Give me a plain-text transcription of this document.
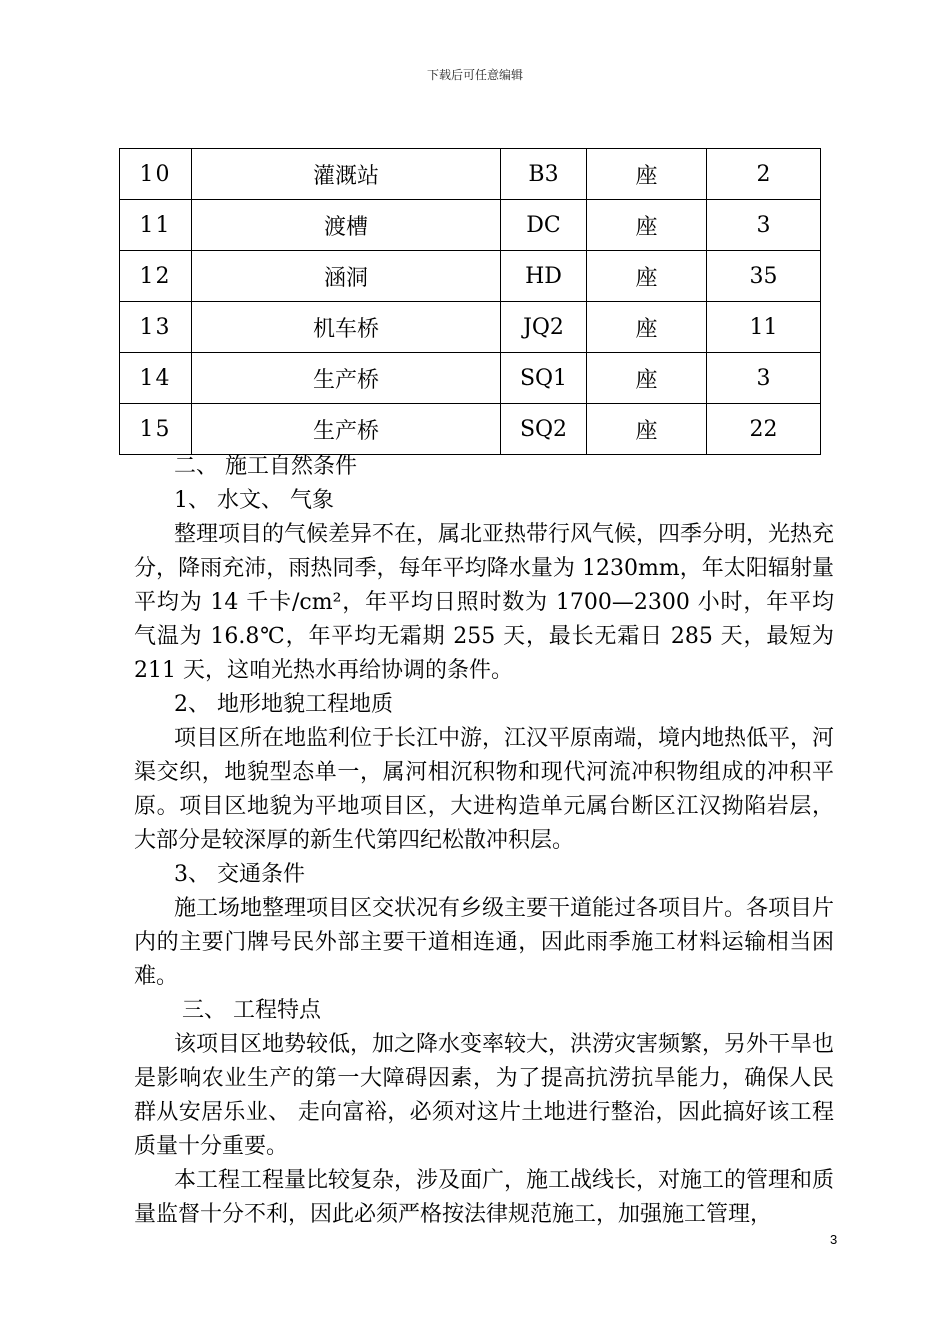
下载后可任意编辑
10	灌溉站	B3	座	2
11	渡槽	DC	座	3
12	涵洞	HD	座	35
13	机车桥	JQ2	座	11
14	生产桥	SQ1	座	3
15	生产桥	SQ2	座	22

二、 施工自然条件

1、 水文、 气象

整理项目的气候差异不在，属北亚热带行风气候，四季分明，光热充分，降雨充沛，雨热同季，每年平均降水量为 1230mm，年太阳辐射量平均为 14 千卡/cm²，年平均日照时数为 1700—2300 小时，年平均气温为 16.8℃，年平均无霜期 255 天，最长无霜日 285 天，最短为 211 天，这咱光热水再给协调的条件。

2、 地形地貌工程地质

项目区所在地监利位于长江中游，江汉平原南端，境内地热低平，河渠交织，地貌型态单一，属河相沉积物和现代河流冲积物组成的冲积平原。项目区地貌为平地项目区，大进构造单元属台断区江汉拗陷岩层，大部分是较深厚的新生代第四纪松散冲积层。

3、 交通条件

施工场地整理项目区交状况有乡级主要干道能过各项目片。各项目片内的主要门牌号民外部主要干道相连通，因此雨季施工材料运输相当困难。

三、 工程特点

该项目区地势较低，加之降水变率较大，洪涝灾害频繁，另外干旱也是影响农业生产的第一大障碍因素，为了提高抗涝抗旱能力，确保人民群从安居乐业、 走向富裕，必须对这片土地进行整治，因此搞好该工程质量十分重要。

本工程工程量比较复杂，涉及面广，施工战线长，对施工的管理和质量监督十分不利，因此必须严格按法律规范施工，加强施工管理，

3
